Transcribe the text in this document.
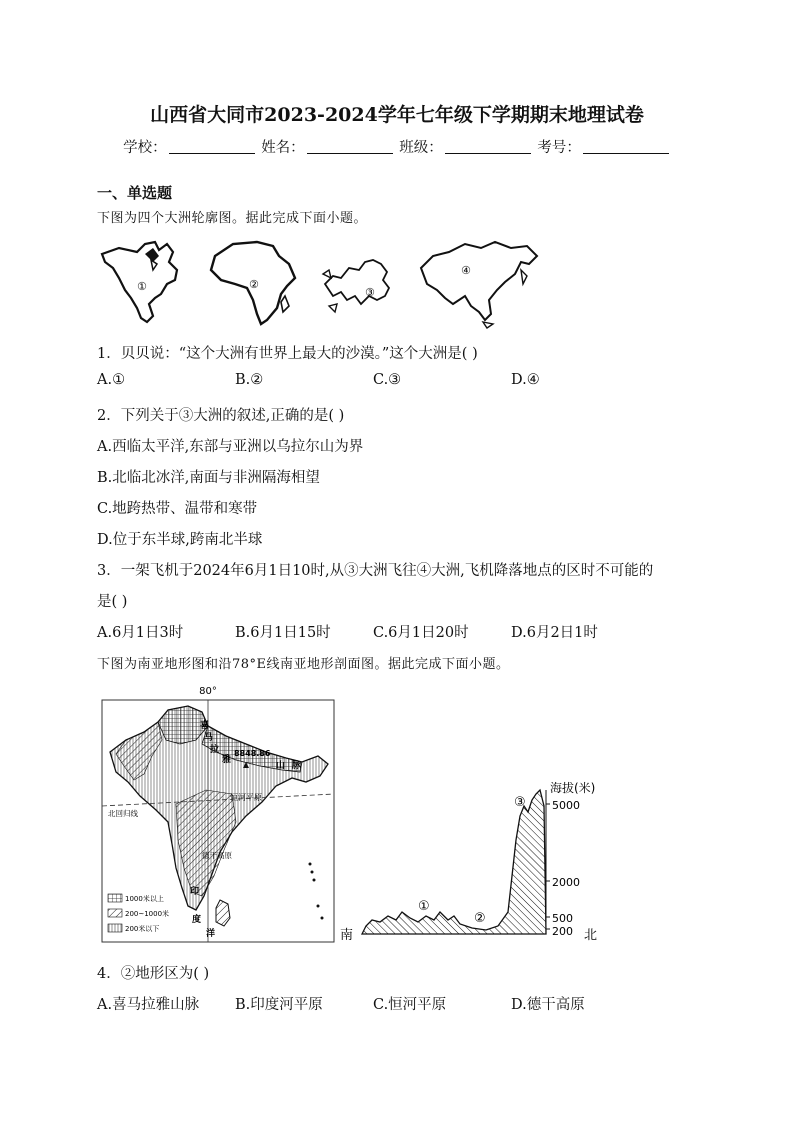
山西省大同市2023-2024学年七年级下学期期末地理试卷
学校：	姓名：	班级：	考号：
一、单选题
下图为四个大洲轮廓图。据此完成下面小题。
①	②
③
④
1．贝贝说：“这个大洲有世界上最大的沙漠。”这个大洲是( )
A.①	B.②	C.③	D.④
2．下列关于③大洲的叙述,正确的是( )
A.西临太平洋,东部与亚洲以乌拉尔山为界
B.北临北冰洋,南面与非洲隔海相望
C.地跨热带、温带和寒带
D.位于东半球,跨南北半球
3．一架飞机于2024年6月1日10时,从③大洲飞往④大洲,飞机降落地点的区时不可能的
是( )
A.6月1日3时	B.6月1日15时	C.6月1日20时	D.6月2日1时
下图为南亚地形图和沿78°E线南亚地形剖面图。据此完成下面小题。
80°
北回归线
喜
马
拉
雅
山 脉
8848.86
恒河平原
德干高原
印
度
洋
1000米以上
200~1000米
200米以下
海拔(米)
5000
2000
500
200
南	北
①
②
③
4．②地形区为( )
A.喜马拉雅山脉	B.印度河平原	C.恒河平原	D.德干高原
